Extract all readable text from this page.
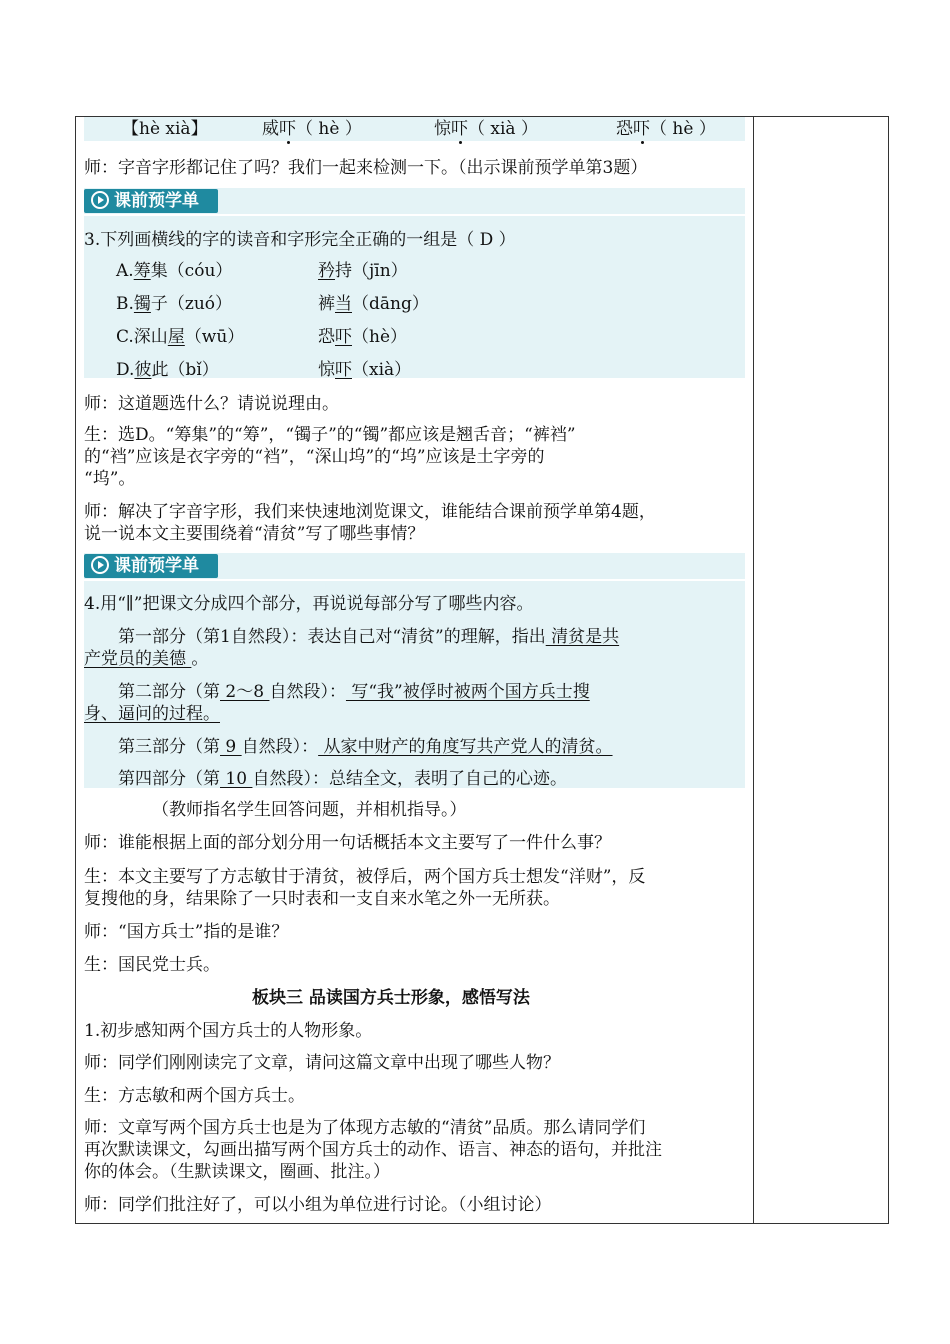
【hè xià】	威吓（ hè ）	惊吓（ xià ）	恐吓（ hè ）
师：字音字形都记住了吗？我们一起来检测一下。（出示课前预学单第3题）
课前预学单
3.下列画横线的字的读音和字形完全正确的一组是（ D ）
A.筹集（cóu）	矜持（jīn）
B.镯子（zuó）	裤当（dāng）
C.深山屋（wū）	恐吓（hè）
D.彼此（bǐ）	惊吓（xià）
师：这道题选什么？请说说理由。
生：选D。“筹集”的“筹”，“镯子”的“镯”都应该是翘舌音；“裤裆”
的“裆”应该是衣字旁的“裆”，“深山坞”的“坞”应该是土字旁的
“坞”。
师：解决了字音字形，我们来快速地浏览课文，谁能结合课前预学单第4题，
说一说本文主要围绕着“清贫”写了哪些事情？
课前预学单
4.用“∥”把课文分成四个部分，再说说每部分写了哪些内容。
第一部分（第1自然段）：表达自己对“清贫”的理解，指出 清贫是共
产党员的美德 。
第二部分（第 2～8 自然段）： 写“我”被俘时被两个国方兵士搜
身、逼问的过程。
第三部分（第 9 自然段）： 从家中财产的角度写共产党人的清贫。
第四部分（第 10 自然段）：总结全文，表明了自己的心迹。
（教师指名学生回答问题，并相机指导。）
师：谁能根据上面的部分划分用一句话概括本文主要写了一件什么事？
生：本文主要写了方志敏甘于清贫，被俘后，两个国方兵士想发“洋财”，反
复搜他的身，结果除了一只时表和一支自来水笔之外一无所获。
师：“国方兵士”指的是谁？
生：国民党士兵。
板块三 品读国方兵士形象，感悟写法
1.初步感知两个国方兵士的人物形象。
师：同学们刚刚读完了文章，请问这篇文章中出现了哪些人物？
生：方志敏和两个国方兵士。
师：文章写两个国方兵士也是为了体现方志敏的“清贫”品质。那么请同学们
再次默读课文，勾画出描写两个国方兵士的动作、语言、神态的语句，并批注
你的体会。（生默读课文，圈画、批注。）
师：同学们批注好了，可以小组为单位进行讨论。（小组讨论）
